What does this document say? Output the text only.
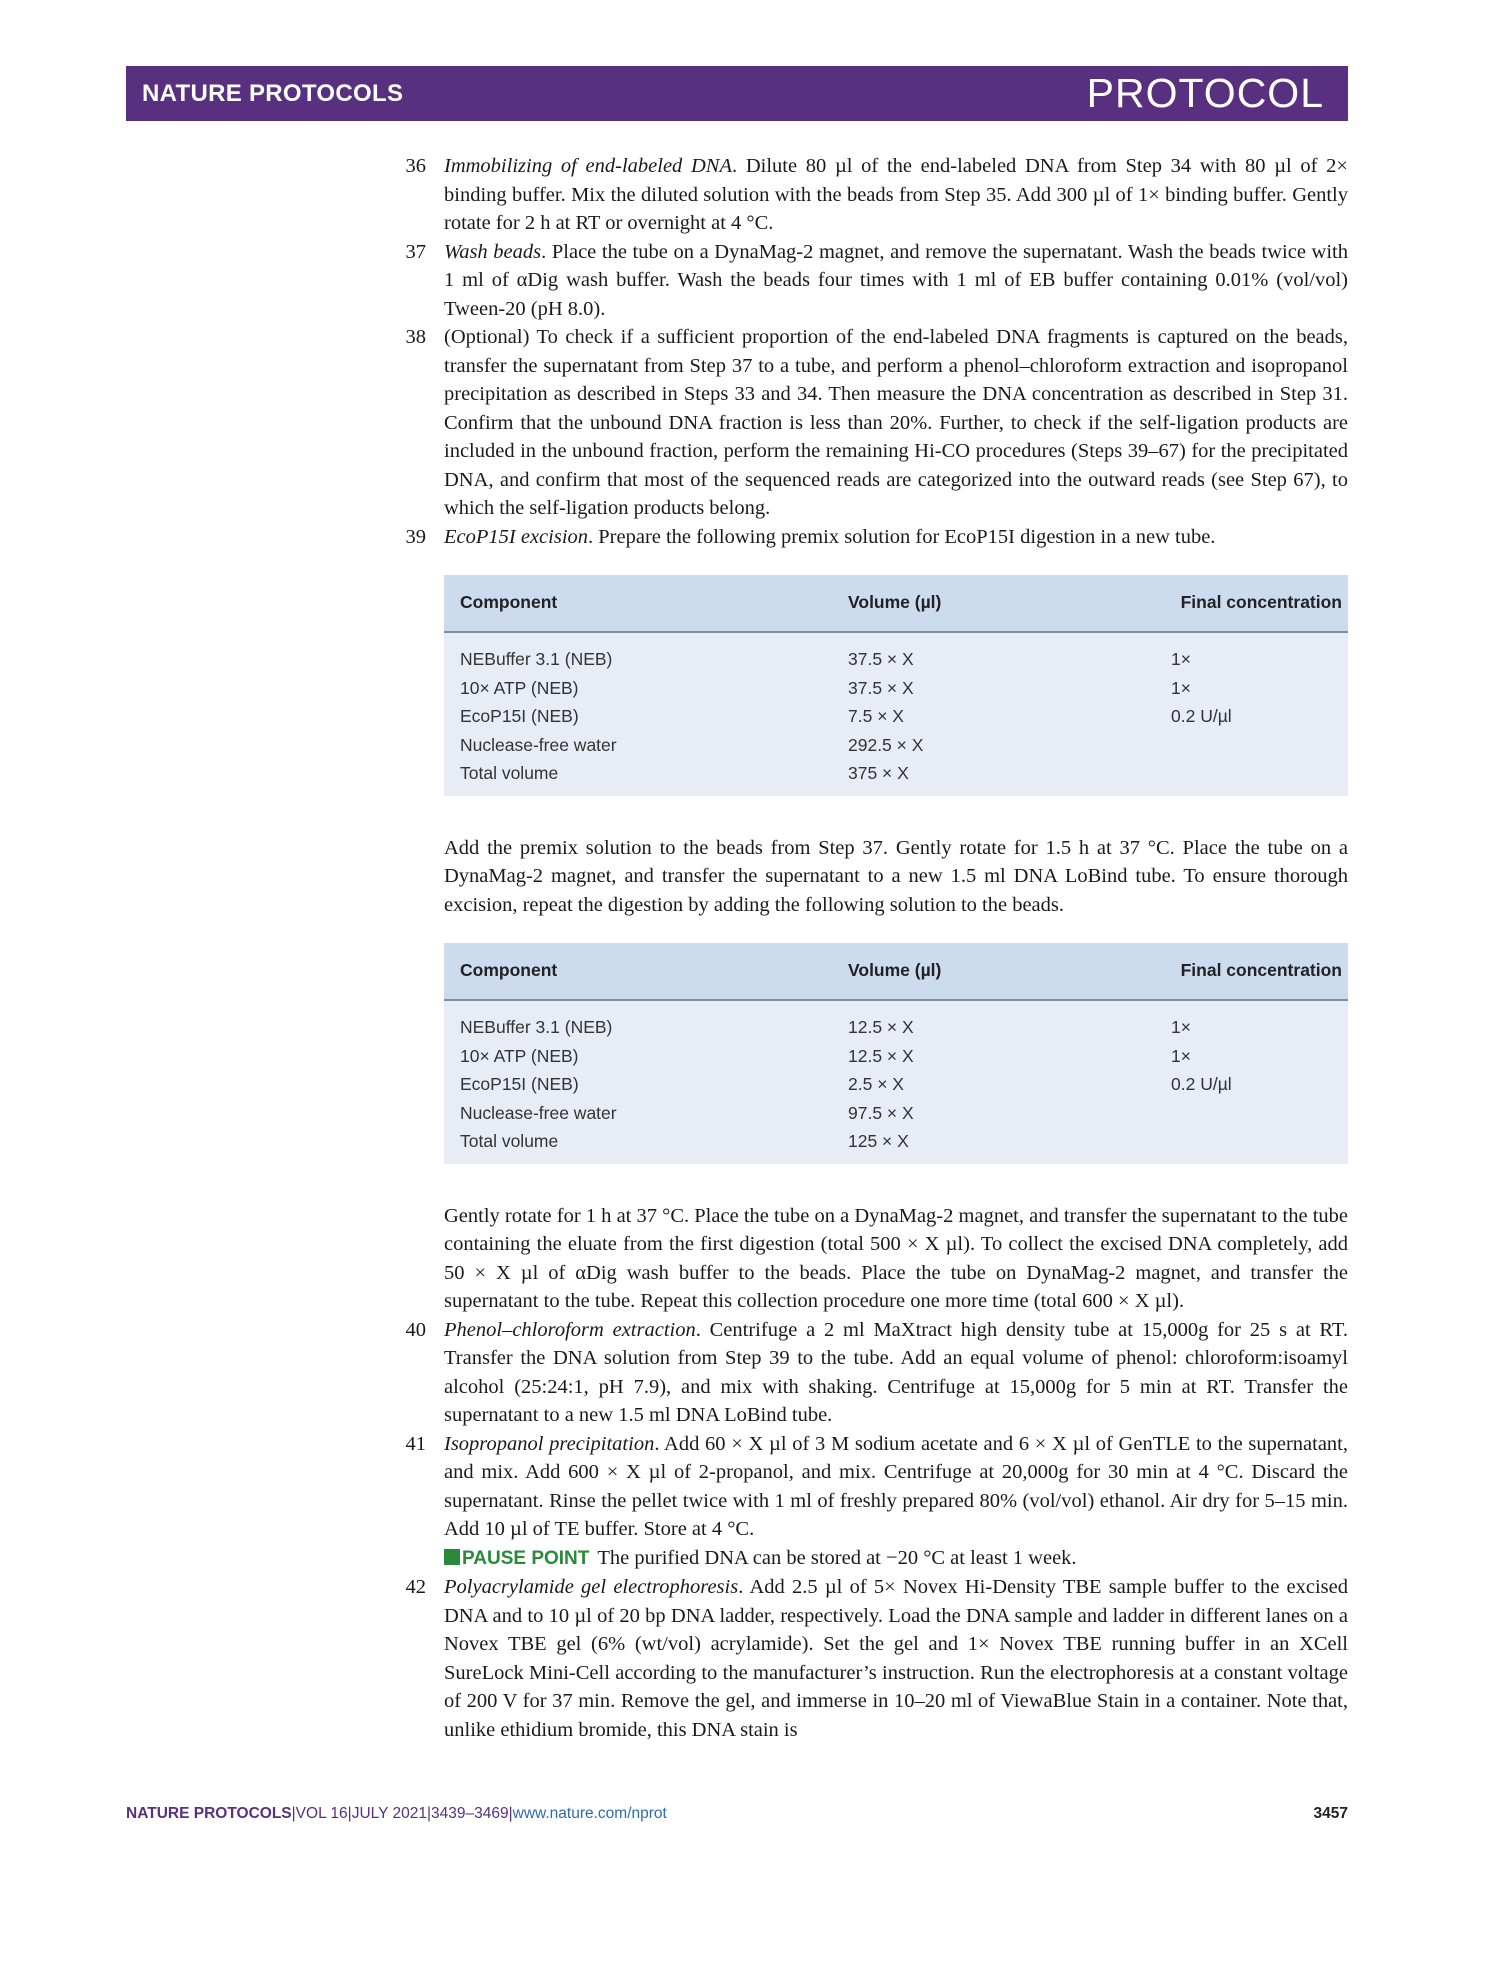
NATURE PROTOCOLS	PROTOCOL

36 Immobilizing of end-labeled DNA. Dilute 80 µl of the end-labeled DNA from Step 34 with 80 µl of 2× binding buffer. Mix the diluted solution with the beads from Step 35. Add 300 µl of 1× binding buffer. Gently rotate for 2 h at RT or overnight at 4 °C.

37 Wash beads. Place the tube on a DynaMag-2 magnet, and remove the supernatant. Wash the beads twice with 1 ml of αDig wash buffer. Wash the beads four times with 1 ml of EB buffer containing 0.01% (vol/vol) Tween-20 (pH 8.0).

38 (Optional) To check if a sufficient proportion of the end-labeled DNA fragments is captured on the beads, transfer the supernatant from Step 37 to a tube, and perform a phenol–chloroform extraction and isopropanol precipitation as described in Steps 33 and 34. Then measure the DNA concentration as described in Step 31. Confirm that the unbound DNA fraction is less than 20%. Further, to check if the self-ligation products are included in the unbound fraction, perform the remaining Hi-CO procedures (Steps 39–67) for the precipitated DNA, and confirm that most of the sequenced reads are categorized into the outward reads (see Step 67), to which the self-ligation products belong.

39 EcoP15I excision. Prepare the following premix solution for EcoP15I digestion in a new tube.

Component	Volume (µl)	Final concentration
NEBuffer 3.1 (NEB)	37.5 × X	1×
10× ATP (NEB)	37.5 × X	1×
EcoP15I (NEB)	7.5 × X	0.2 U/µl
Nuclease-free water	292.5 × X
Total volume	375 × X

Add the premix solution to the beads from Step 37. Gently rotate for 1.5 h at 37 °C. Place the tube on a DynaMag-2 magnet, and transfer the supernatant to a new 1.5 ml DNA LoBind tube. To ensure thorough excision, repeat the digestion by adding the following solution to the beads.

Component	Volume (µl)	Final concentration
NEBuffer 3.1 (NEB)	12.5 × X	1×
10× ATP (NEB)	12.5 × X	1×
EcoP15I (NEB)	2.5 × X	0.2 U/µl
Nuclease-free water	97.5 × X
Total volume	125 × X

Gently rotate for 1 h at 37 °C. Place the tube on a DynaMag-2 magnet, and transfer the supernatant to the tube containing the eluate from the first digestion (total 500 × X µl). To collect the excised DNA completely, add 50 × X µl of αDig wash buffer to the beads. Place the tube on DynaMag-2 magnet, and transfer the supernatant to the tube. Repeat this collection procedure one more time (total 600 × X µl).

40 Phenol–chloroform extraction. Centrifuge a 2 ml MaXtract high density tube at 15,000g for 25 s at RT. Transfer the DNA solution from Step 39 to the tube. Add an equal volume of phenol: chloroform:isoamyl alcohol (25:24:1, pH 7.9), and mix with shaking. Centrifuge at 15,000g for 5 min at RT. Transfer the supernatant to a new 1.5 ml DNA LoBind tube.

41 Isopropanol precipitation. Add 60 × X µl of 3 M sodium acetate and 6 × X µl of GenTLE to the supernatant, and mix. Add 600 × X µl of 2-propanol, and mix. Centrifuge at 20,000g for 30 min at 4 °C. Discard the supernatant. Rinse the pellet twice with 1 ml of freshly prepared 80% (vol/vol) ethanol. Air dry for 5–15 min. Add 10 µl of TE buffer. Store at 4 °C.

PAUSE POINT The purified DNA can be stored at −20 °C at least 1 week.

42 Polyacrylamide gel electrophoresis. Add 2.5 µl of 5× Novex Hi-Density TBE sample buffer to the excised DNA and to 10 µl of 20 bp DNA ladder, respectively. Load the DNA sample and ladder in different lanes on a Novex TBE gel (6% (wt/vol) acrylamide). Set the gel and 1× Novex TBE running buffer in an XCell SureLock Mini-Cell according to the manufacturer’s instruction. Run the electrophoresis at a constant voltage of 200 V for 37 min. Remove the gel, and immerse in 10–20 ml of ViewaBlue Stain in a container. Note that, unlike ethidium bromide, this DNA stain is

NATURE PROTOCOLS|VOL 16|JULY 2021|3439–3469|www.nature.com/nprot	3457
